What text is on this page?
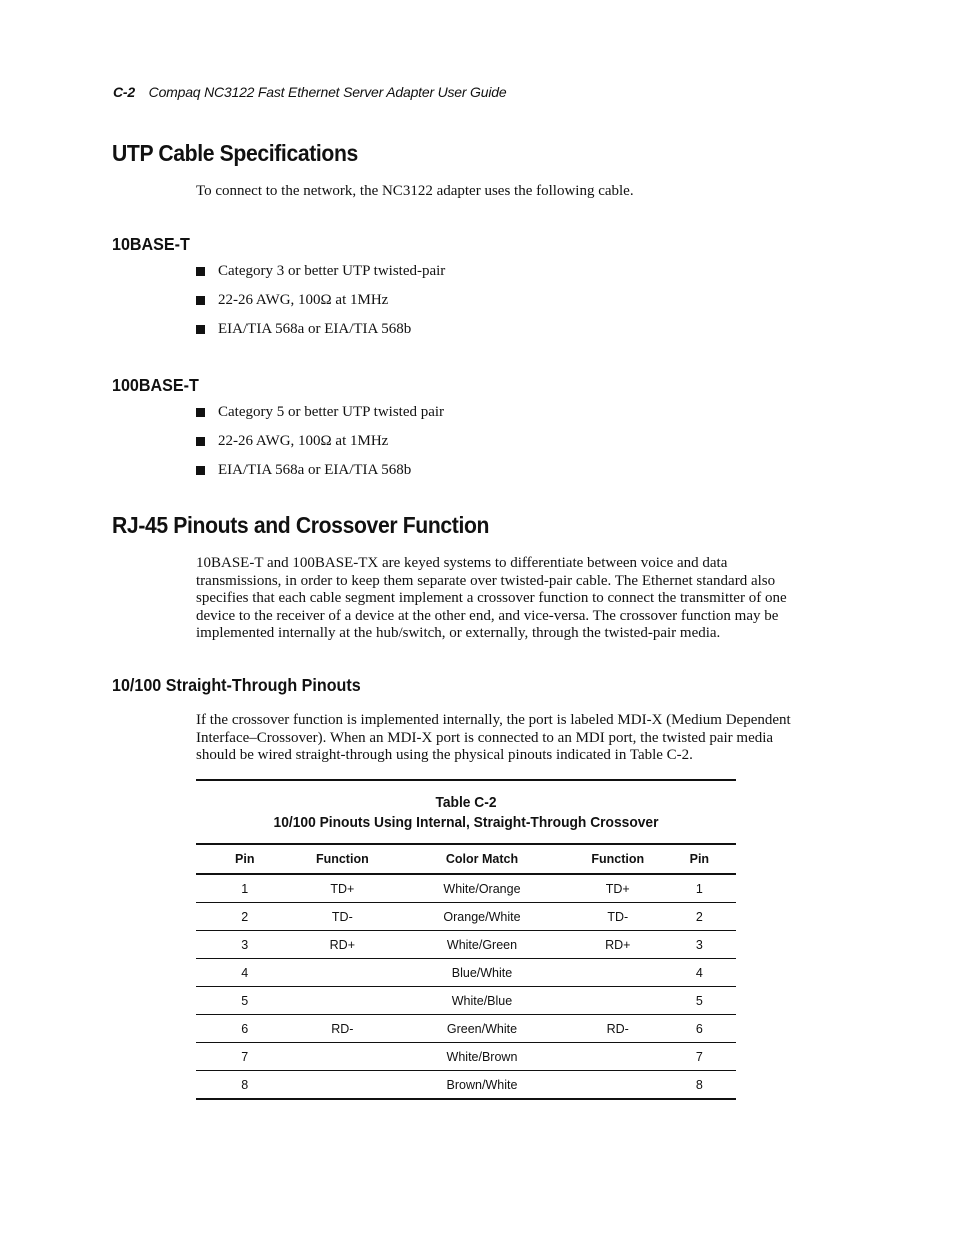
C-2 Compaq NC3122 Fast Ethernet Server Adapter User Guide
UTP Cable Specifications

To connect to the network, the NC3122 adapter uses the following cable.

10BASE-T
Category 3 or better UTP twisted-pair
22-26 AWG, 100Ω at 1MHz
EIA/TIA 568a or EIA/TIA 568b
100BASE-T
Category 5 or better UTP twisted pair
22-26 AWG, 100Ω at 1MHz
EIA/TIA 568a or EIA/TIA 568b
RJ-45 Pinouts and Crossover Function

10BASE-T and 100BASE-TX are keyed systems to differentiate between voice and data transmissions, in order to keep them separate over twisted-pair cable. The Ethernet standard also specifies that each cable segment implement a crossover function to connect the transmitter of one device to the receiver of a device at the other end, and vice-versa. The crossover function may be implemented internally at the hub/switch, or externally, through the twisted-pair media.

10/100 Straight-Through Pinouts

If the crossover function is implemented internally, the port is labeled MDI-X (Medium Dependent Interface–Crossover). When an MDI-X port is connected to an MDI port, the twisted pair media should be wired straight-through using the physical pinouts indicated in Table C-2.

Table C-2
10/100 Pinouts Using Internal, Straight-Through Crossover
Pin	Function	Color Match	Function	Pin
1	TD+	White/Orange	TD+	1
2	TD-	Orange/White	TD-	2
3	RD+	White/Green	RD+	3
4		Blue/White		4
5		White/Blue		5
6	RD-	Green/White	RD-	6
7		White/Brown		7
8		Brown/White		8
